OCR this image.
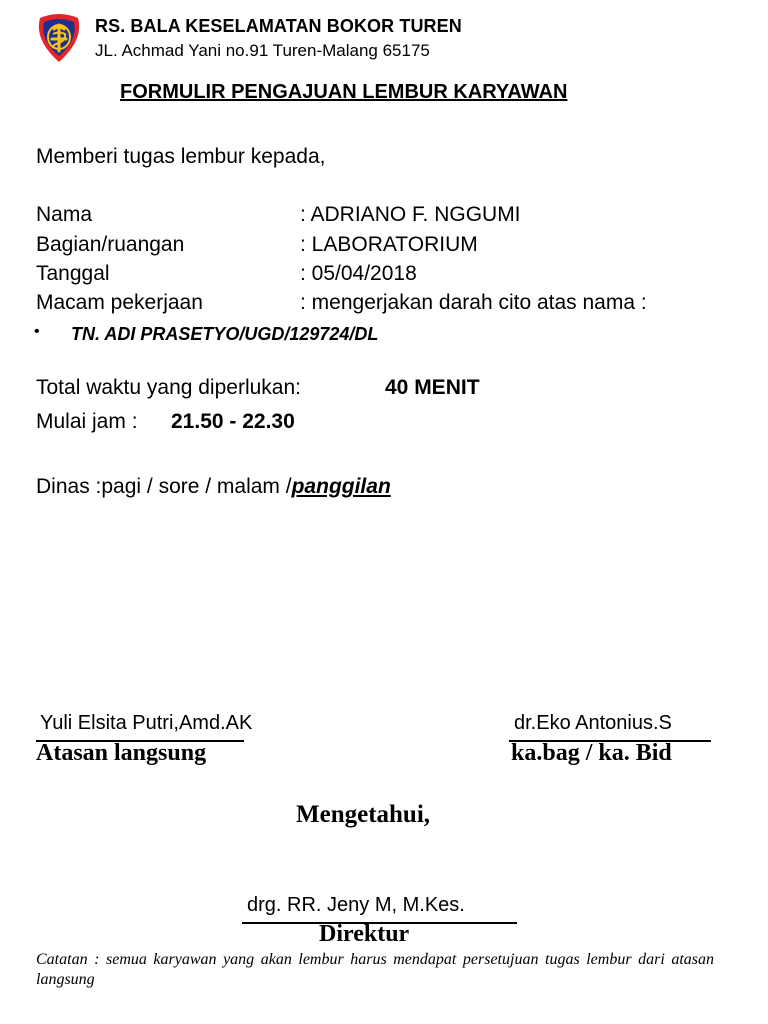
RS. BALA KESELAMATAN BOKOR TUREN
JL. Achmad Yani no.91 Turen-Malang 65175
FORMULIR PENGAJUAN LEMBUR KARYAWAN
Memberi tugas lembur kepada,
Nama	: ADRIANO F. NGGUMI
Bagian/ruangan	: LABORATORIUM
Tanggal	: 05/04/2018
Macam pekerjaan	: mengerjakan darah cito atas nama :
• TN. ADI PRASETYO/UGD/129724/DL
Total waktu yang diperlukan:	40 MENIT
Mulai jam : 21.50 - 22.30
Dinas :pagi / sore / malam /panggilan
Yuli Elsita Putri,Amd.AK
Atasan langsung
dr.Eko Antonius.S
ka.bag / ka. Bid
Mengetahui,
drg. RR. Jeny M, M.Kes.
Direktur
Catatan : semua karyawan yang akan lembur harus mendapat persetujuan tugas lembur dari atasan langsung
